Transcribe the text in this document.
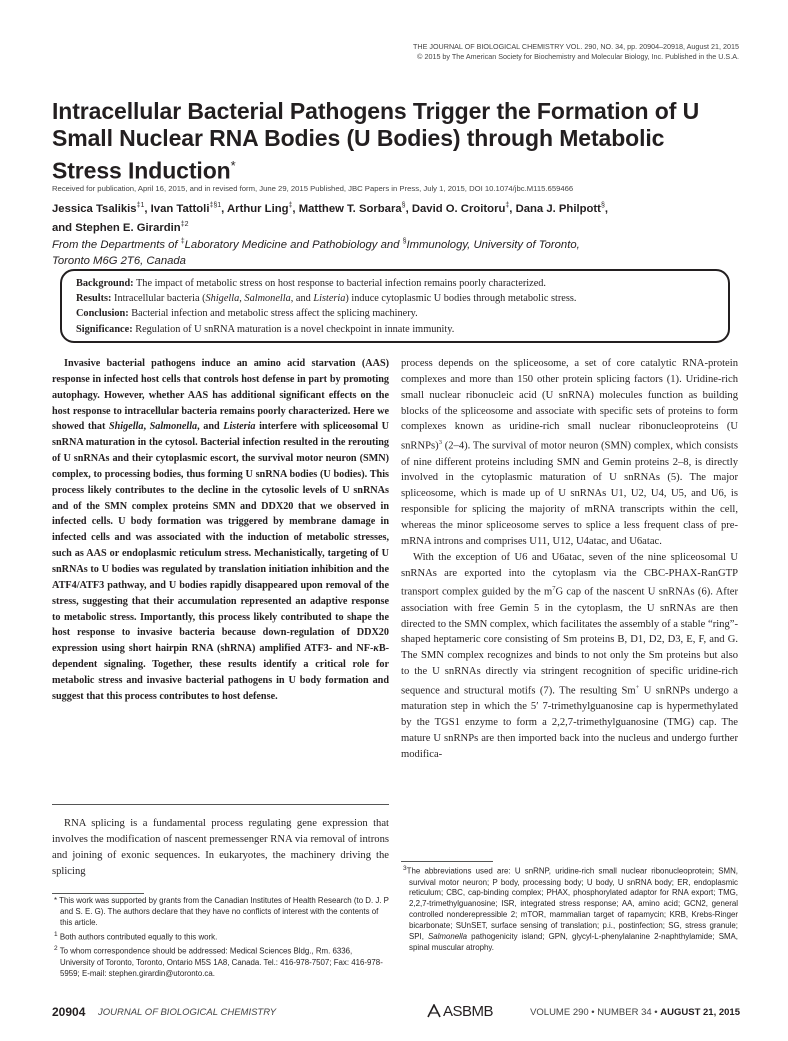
THE JOURNAL OF BIOLOGICAL CHEMISTRY VOL. 290, NO. 34, pp. 20904–20918, August 21, 2015
© 2015 by The American Society for Biochemistry and Molecular Biology, Inc. Published in the U.S.A.
Intracellular Bacterial Pathogens Trigger the Formation of U
Small Nuclear RNA Bodies (U Bodies) through Metabolic
Stress Induction*
Received for publication, April 16, 2015, and in revised form, June 29, 2015 Published, JBC Papers in Press, July 1, 2015, DOI 10.1074/jbc.M115.659466
Jessica Tsalikis$^{\ddagger 1}$, Ivan Tattoli$^{\ddagger\S 1}$, Arthur Ling‡, Matthew T. Sorbara§, David O. Croitoru‡, Dana J. Philpott§,
and Stephen E. Girardin$^{\ddagger 2}$
From the Departments of ‡Laboratory Medicine and Pathobiology and §Immunology, University of Toronto,
Toronto M6G 2T6, Canada
Background: The impact of metabolic stress on host response to bacterial infection remains poorly characterized.
Results: Intracellular bacteria (Shigella, Salmonella, and Listeria) induce cytoplasmic U bodies through metabolic stress.
Conclusion: Bacterial infection and metabolic stress affect the splicing machinery.
Significance: Regulation of U snRNA maturation is a novel checkpoint in innate immunity.

Invasive bacterial pathogens induce an amino acid starvation (AAS) response in infected host cells that controls host defense in part by promoting autophagy. However, whether AAS has additional significant effects on the host response to intracellular bacteria remains poorly characterized. Here we showed that Shigella, Salmonella, and Listeria interfere with spliceosomal U snRNA maturation in the cytosol. Bacterial infection resulted in the rerouting of U snRNAs and their cytoplasmic escort, the survival motor neuron (SMN) complex, to processing bodies, thus forming U snRNA bodies (U bodies). This process likely contributes to the decline in the cytosolic levels of U snRNAs and of the SMN complex proteins SMN and DDX20 that we observed in infected cells. U body formation was triggered by membrane damage in infected cells and was associated with the induction of metabolic stresses, such as AAS or endoplasmic reticulum stress. Mechanistically, targeting of U snRNAs to U bodies was regulated by translation initiation inhibition and the ATF4/ATF3 pathway, and U bodies rapidly disappeared upon removal of the stress, suggesting that their accumulation represented an adaptive response to metabolic stress. Importantly, this process likely contributed to shape the host response to invasive bacteria because down-regulation of DDX20 expression using short hairpin RNA (shRNA) amplified ATF3- and NF-κB-dependent signaling. Together, these results identify a critical role for metabolic stress and invasive bacterial pathogens in U body formation and suggest that this process contributes to host defense.

RNA splicing is a fundamental process regulating gene expression that involves the modification of nascent premessenger RNA via removal of introns and joining of exonic sequences. In eukaryotes, the machinery driving the splicing

* This work was supported by grants from the Canadian Institutes of Health Research (to D. J. P and S. E. G). The authors declare that they have no conflicts of interest with the contents of this article.

$^1$ Both authors contributed equally to this work.

$^2$ To whom correspondence should be addressed: Medical Sciences Bldg., Rm. 6336, University of Toronto, Toronto, Ontario M5S 1A8, Canada. Tel.: 416-978-7507; Fax: 416-978-5959; E-mail: stephen.girardin@utoronto.ca.

process depends on the spliceosome, a set of core catalytic RNA-protein complexes and more than 150 other protein splicing factors (1). Uridine-rich small nuclear ribonucleic acid (U snRNA) molecules function as building blocks of the spliceosome and associate with specific sets of proteins to form complexes known as uridine-rich small nuclear ribonucleoproteins (U snRNPs)$^3$ (2–4). The survival of motor neuron (SMN) complex, which consists of nine different proteins including SMN and Gemin proteins 2–8, is directly involved in the cytoplasmic maturation of U snRNAs (5). The major spliceosome, which is made up of U snRNAs U1, U2, U4, U5, and U6, is responsible for splicing the majority of mRNA transcripts within the cell, whereas the minor spliceosome serves to splice a less frequent class of pre-mRNA introns and comprises U11, U12, U4atac, and U6atac.

With the exception of U6 and U6atac, seven of the nine spliceosomal U snRNAs are exported into the cytoplasm via the CBC-PHAX-RanGTP transport complex guided by the $m^7G$ cap of the nascent U snRNAs (6). After association with free Gemin 5 in the cytoplasm, the U snRNAs are then directed to the SMN complex, which facilitates the assembly of a stable “ring”-shaped heptameric core consisting of Sm proteins B, D1, D2, D3, E, F, and G. The SMN complex recognizes and binds to not only the Sm proteins but also to the U snRNAs directly via stringent recognition of specific uridine-rich sequence and structural motifs (7). The resulting Sm+ U snRNPs undergo a maturation step in which the 5′ 7-trimethylguanosine cap is hypermethylated by the TGS1 enzyme to form a 2,2,7-trimethylguanosine (TMG) cap. The mature U snRNPs are then imported back into the nucleus and undergo further modifica-

$^3$The abbreviations used are: U snRNP, uridine-rich small nuclear ribonucleoprotein; SMN, survival motor neuron; P body, processing body; U body, U snRNA body; ER, endoplasmic reticulum; CBC, cap-binding complex; PHAX, phosphorylated adaptor for RNA export; TMG, 2,2,7-trimethylguanosine; ISR, integrated stress response; AA, amino acid; GCN2, general controlled nonderepressible 2; mTOR, mammalian target of rapamycin; KRB, Krebs-Ringer bicarbonate; SUnSET, surface sensing of translation; p.i., postinfection; SG, stress granule; SPI, Salmonella pathogenicity island; GPN, glycyl-L-phenylalanine 2-naphthylamide; SMA, spinal muscular atrophy.
20904 JOURNAL OF BIOLOGICAL CHEMISTRY	ASBMB	VOLUME 290 • NUMBER 34 • AUGUST 21, 2015
